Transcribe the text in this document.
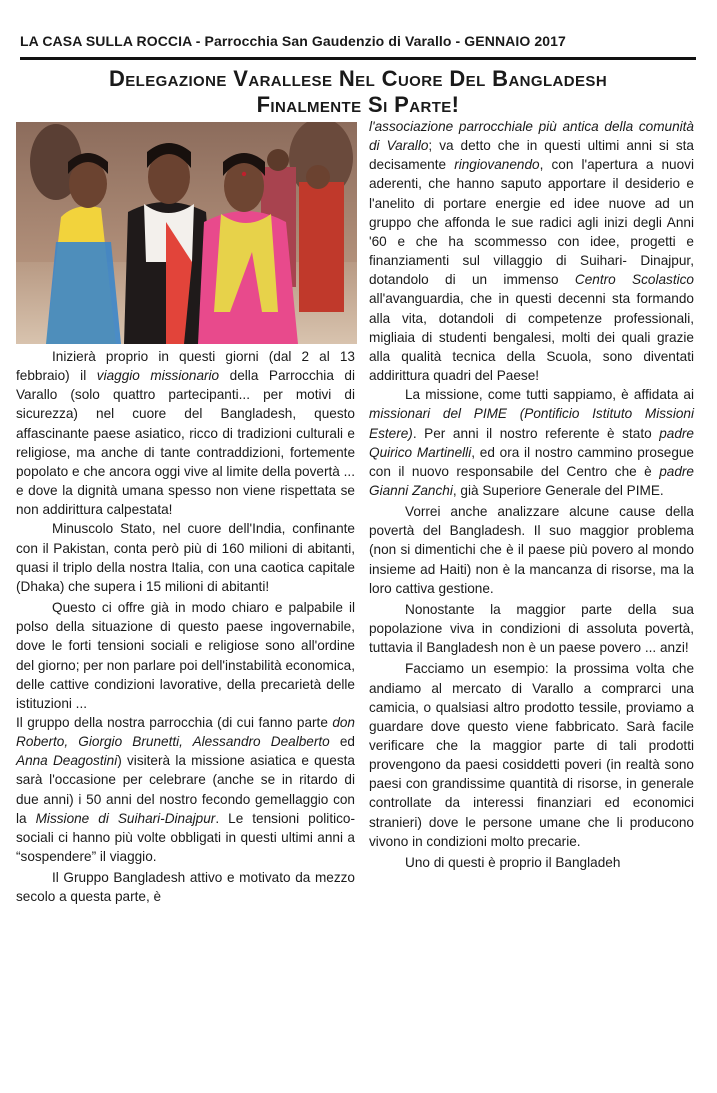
LA CASA SULLA ROCCIA - Parrocchia San Gaudenzio di Varallo - GENNAIO 2017
Delegazione Varallese Nel Cuore Del Bangladesh
Finalmente Si Parte!

Inizierà proprio in questi giorni (dal 2 al 13 febbraio) il viaggio missionario della Parrocchia di Varallo (solo quattro partecipanti... per motivi di sicurezza) nel cuore del Bangladesh, questo affascinante paese asiatico, ricco di tradizioni culturali e religiose, ma anche di tante contraddizioni, fortemente popolato e che ancora oggi vive al limite della povertà ... e dove la dignità umana spesso non viene rispettata se non addirittura calpestata!

Minuscolo Stato, nel cuore dell'India, confinante con il Pakistan, conta però più di 160 milioni di abitanti, quasi il triplo della nostra Italia, con una caotica capitale (Dhaka) che supera i 15 milioni di abitanti!

Questo ci offre già in modo chiaro e palpabile il polso della situazione di questo paese ingovernabile, dove le forti tensioni sociali e religiose sono all'ordine del giorno; per non parlare poi dell'instabilità economica, delle cattive condizioni lavorative, della precarietà delle istituzioni ...

Il gruppo della nostra parrocchia (di cui fanno parte don Roberto, Giorgio Brunetti, Alessandro Dealberto ed Anna Deagostini) visiterà la missione asiatica e questa sarà l'occasione per celebrare (anche se in ritardo di due anni) i 50 anni del nostro fecondo gemellaggio con la Missione di Suihari-Dinajpur. Le tensioni politico-sociali ci hanno più volte obbligati in questi ultimi anni a “sospendere” il viaggio.

Il Gruppo Bangladesh attivo e motivato da mezzo secolo a questa parte, è

l'associazione parrocchiale più antica della comunità di Varallo; va detto che in questi ultimi anni si sta decisamente ringiovanendo, con l'apertura a nuovi aderenti, che hanno saputo apportare il desiderio e l'anelito di portare energie ed idee nuove ad un gruppo che affonda le sue radici agli inizi degli Anni '60 e che ha scommesso con idee, progetti e finanziamenti sul villaggio di Suihari- Dinajpur, dotandolo di un immenso Centro Scolastico all'avanguardia, che in questi decenni sta formando alla vita, dotandoli di competenze professionali, migliaia di studenti bengalesi, molti dei quali grazie alla qualità tecnica della Scuola, sono diventati addirittura quadri del Paese!

La missione, come tutti sappiamo, è affidata ai missionari del PIME (Pontificio Istituto Missioni Estere). Per anni il nostro referente è stato padre Quirico Martinelli, ed ora il nostro cammino prosegue con il nuovo responsabile del Centro che è padre Gianni Zanchi, già Superiore Generale del PIME.

Vorrei anche analizzare alcune cause della povertà del Bangladesh. Il suo maggior problema (non si dimentichi che è il paese più povero al mondo insieme ad Haiti) non è la mancanza di risorse, ma la loro cattiva gestione.

Nonostante la maggior parte della sua popolazione viva in condizioni di assoluta povertà, tuttavia il Bangladesh non è un paese povero ... anzi!

Facciamo un esempio: la prossima volta che andiamo al mercato di Varallo a comprarci una camicia, o qualsiasi altro prodotto tessile, proviamo a guardare dove questo viene fabbricato. Sarà facile verificare che la maggior parte di tali prodotti provengono da paesi cosiddetti poveri (in realtà sono paesi con grandissime quantità di risorse, in generale controllate da interessi finanziari ed economici stranieri) dove le persone umane che li producono vivono in condizioni molto precarie.

Uno di questi è proprio il Bangladeh
